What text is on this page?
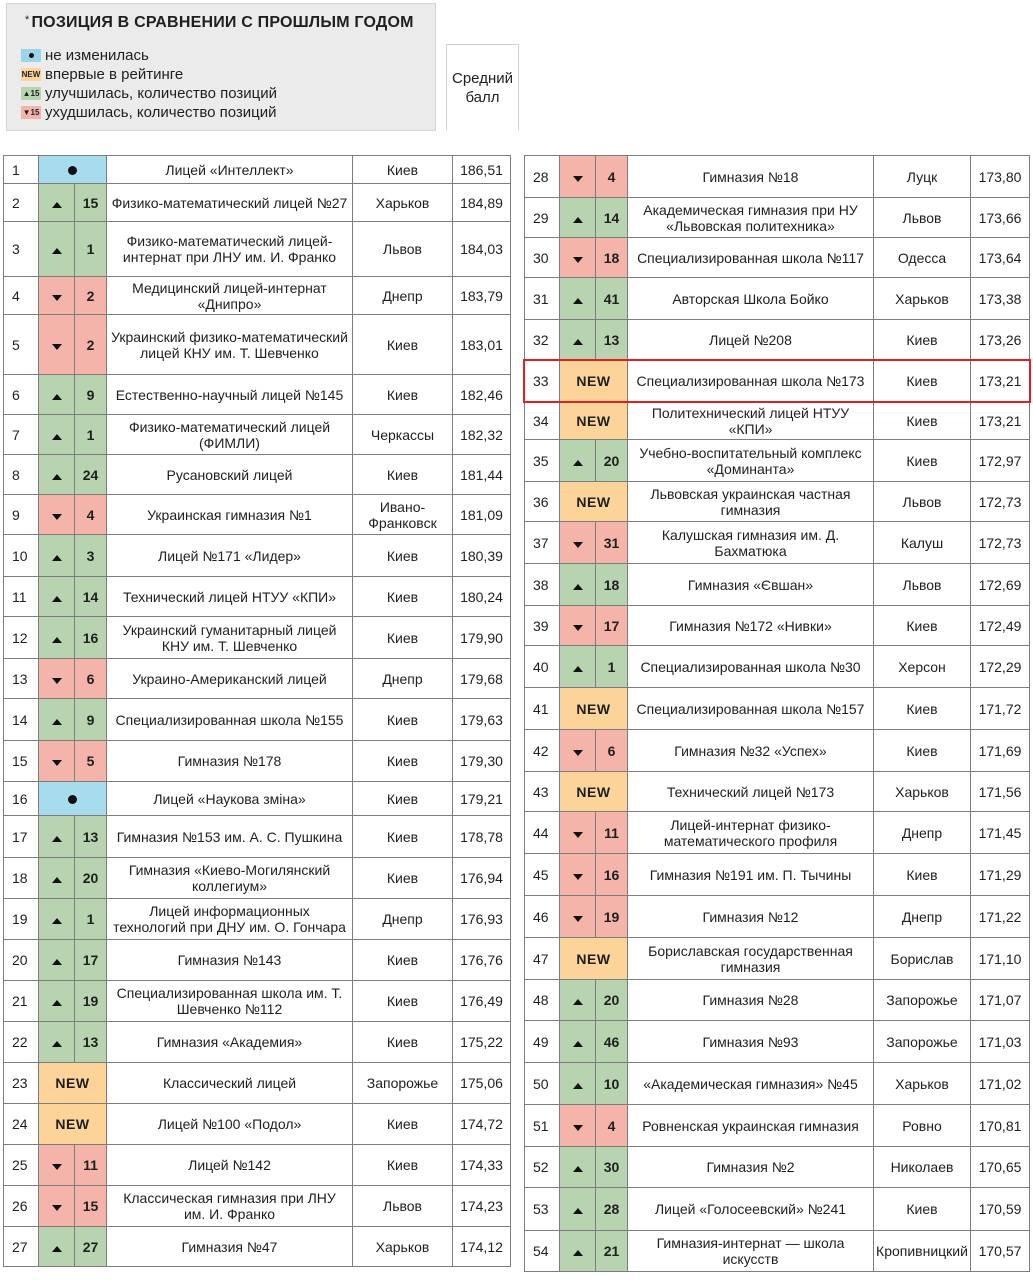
* ПОЗИЦИЯ В СРАВНЕНИИ С ПРОШЛЫМ ГОДОМ
не изменилась
NEW впервые в рейтинге
▲15 улучшилась, количество позиций
▼15 ухудшилась, количество позиций
Средний балл
1			Лицей «Интеллект»	Киев	186,51
2		15	Физико-математический лицей №27	Харьков	184,89
3		1	Физико-математический лицей-интернат при ЛНУ им. И. Франко	Львов	184,03
4		2	Медицинский лицей-интернат «Днипро»	Днепр	183,79
5		2	Украинский физико-математический лицей КНУ им. Т. Шевченко	Киев	183,01
6		9	Естественно-научный лицей №145	Киев	182,46
7		1	Физико-математический лицей (ФИМЛИ)	Черкассы	182,32
8		24	Русановский лицей	Киев	181,44
9		4	Украинская гимназия №1	Ивано-Франковск	181,09
10		3	Лицей №171 «Лидер»	Киев	180,39
11		14	Технический лицей НТУУ «КПИ»	Киев	180,24
12		16	Украинский гуманитарный лицей КНУ им. Т. Шевченко	Киев	179,90
13		6	Украино-Американский лицей	Днепр	179,68
14		9	Специализированная школа №155	Киев	179,63
15		5	Гимназия №178	Киев	179,30
16			Лицей «Наукова зміна»	Киев	179,21
17		13	Гимназия №153 им. А. С. Пушкина	Киев	178,78
18		20	Гимназия «Киево-Могилянский коллегиум»	Киев	176,94
19		1	Лицей информационных технологий при ДНУ им. О. Гончара	Днепр	176,93
20		17	Гимназия №143	Киев	176,76
21		19	Специализированная школа им. Т. Шевченко №112	Киев	176,49
22		13	Гимназия «Академия»	Киев	175,22
23	NEW		Классический лицей	Запорожье	175,06
24	NEW		Лицей №100 «Подол»	Киев	174,72
25		11	Лицей №142	Киев	174,33
26		15	Классическая гимназия при ЛНУ им. И. Франко	Львов	174,23
27		27	Гимназия №47	Харьков	174,12
28		4	Гимназия №18	Луцк	173,80
29		14	Академическая гимназия при НУ «Львовская политехника»	Львов	173,66
30		18	Специализированная школа №117	Одесса	173,64
31		41	Авторская Школа Бойко	Харьков	173,38
32		13	Лицей №208	Киев	173,26
33	NEW		Специализированная школа №173	Киев	173,21
34	NEW		Политехнический лицей НТУУ «КПИ»	Киев	173,21
35		20	Учебно-воспитательный комплекс «Доминанта»	Киев	172,97
36	NEW		Львовская украинская частная гимназия	Львов	172,73
37		31	Калушская гимназия им. Д. Бахматюка	Калуш	172,73
38		18	Гимназия «Євшан»	Львов	172,69
39		17	Гимназия №172 «Нивки»	Киев	172,49
40		1	Специализированная школа №30	Херсон	172,29
41	NEW		Специализированная школа №157	Киев	171,72
42		6	Гимназия №32 «Успех»	Киев	171,69
43	NEW		Технический лицей №173	Харьков	171,56
44		11	Лицей-интернат физико-математического профиля	Днепр	171,45
45		16	Гимназия №191 им. П. Тычины	Киев	171,29
46		19	Гимназия №12	Днепр	171,22
47	NEW		Бориславская государственная гимназия	Борислав	171,10
48		20	Гимназия №28	Запорожье	171,07
49		46	Гимназия №93	Запорожье	171,03
50		10	«Академическая гимназия» №45	Харьков	171,02
51		4	Ровненская украинская гимназия	Ровно	170,81
52		30	Гимназия №2	Николаев	170,65
53		28	Лицей «Голосеевский» №241	Киев	170,59
54		21	Гимназия-интернат — школа искусств	Кропивницкий	170,57
